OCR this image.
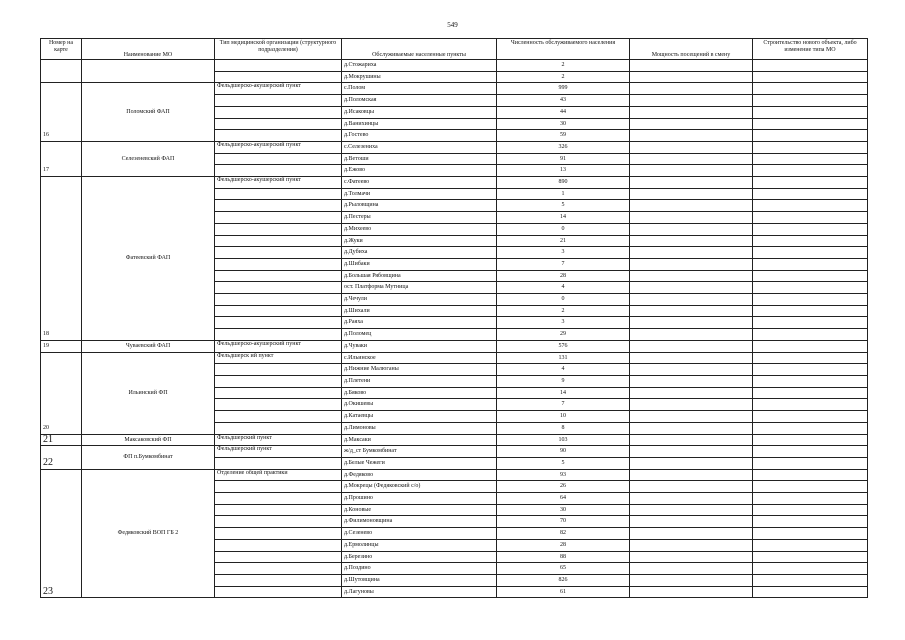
549
Номер на карте	Наименование МО	Тип медицинской организации (структурного подразделения)	Обслуживаемые населенные пункты	Численность обслуживаемого населения	Мощность посещений в смену	Строительство нового объекта, либо изменение типа МО
			д.Стожариха	2		
			д.Мокрушины	2		
16	Поломский ФАП	Фельдшерско-акушерский пункт	с.Полом	999		
			д.Поломская	43		
			д.Исаковцы	44		
			д.Ванихинцы	30		
			д.Гостево	59		
17	Селезеневский ФАП	Фельдшерско-акушерский пункт	с.Селезениха	326		
			д.Ветоши	91		
			д.Ежово	13		
18	Фатеевский ФАП	Фельдшерско-акушерский пункт	с.Фатеево	890		
			д.Толмачи	1		
			д.Рыловщина	5		
			д.Пестеры	14		
			д.Михеево	0		
			д.Жуки	21		
			д.Дубиха	3		
			д.Шибаки	7		
			д.Большая Рябовщина	28		
			ост. Платформа Мутница	4		
			д.Чечули	0		
			д.Шихали	2		
			д.Раяха	3		
			д.Поломец	29		
19	Чуваевский ФАП	Фельдшерско-акушерский пункт	д.Чуваки	576		
20	Ильинский ФП	Фельдшерск ий пункт	с.Ильинское	131		
			д.Нижние Малюганы	4		
			д.Плетени	9		
			д.Бяково	14		
			д.Окишевы	7		
			д.Катаевцы	10		
			д.Лимоновы	8		
21	Максаковский ФП	Фельдшерский пункт	д.Максаки	103		
22	ФП п.Бумкомбинат	Фельдшерский пункт	ж/д_ст Бумкомбинат	90		
			д.Белые Чежеги	5		
23	Федяковский ВОП ГБ 2	Отделение общей практики	д.Федяково	93		
			д.Мокрецы (Федяковский с/о)	26		
			д.Прошино	64		
			д.Коновые	30		
			д.Филимоновщина	70		
			д.Сезенево	82		
			д.Ермолинцы	28		
			д.Березино	88		
			д.Поздино	65		
			д.Шутовщина	826		
			д.Лагуновы	61		
